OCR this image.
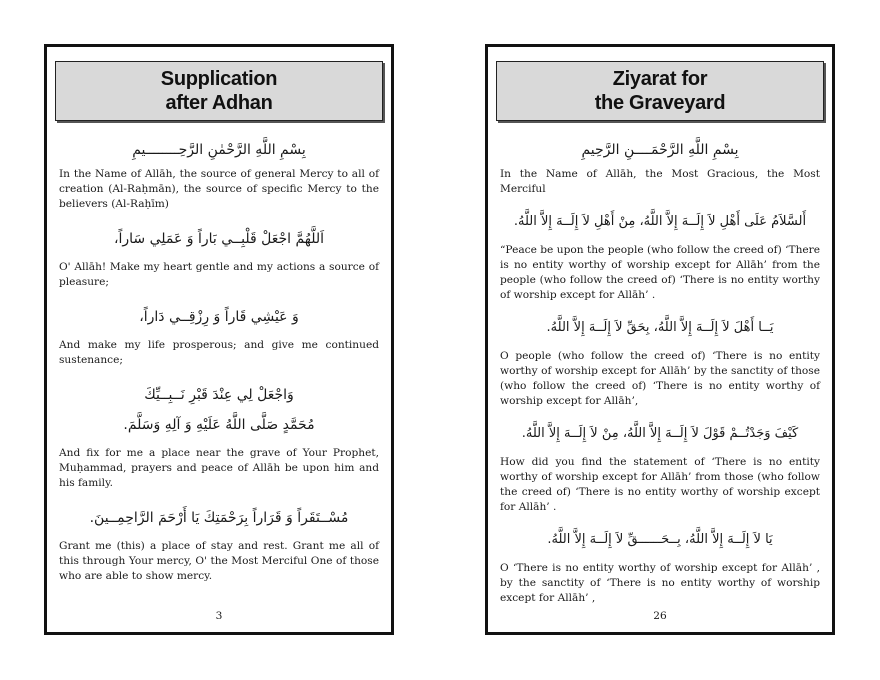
Supplication
after Adhan

بِسْمِ اللَّهِ الرَّحْمٰنِ الرَّحِــــــــيمِ

In the Name of Allāh, the source of general Mercy to all of creation (Al-Raḥmān), the source of specific Mercy to the believers (Al-Raḥīm)

اَللَّهُمَّ اجْعَلْ قَلْبِــي بَاراً وَ عَمَلِي سَاراً،

O' Allāh! Make my heart gentle and my actions a source of pleasure;

وَ عَيْشِي قَاراً وَ رِزْقِــي دَاراً،

And make my life prosperous; and give me continued sustenance;

وَاجْعَلْ لِي عِنْدَ قَبْرِ نَــبِــيِّكَ

مُحَمَّدٍ صَلَّى اللَّهُ عَلَيْهِ وَ آلِهِ وَسَلَّمَ.

And fix for me a place near the grave of Your Prophet, Muḥammad, prayers and peace of Allāh be upon him and his family.

مُسْــتَقَراً وَ قَرَاراً بِرَحْمَتِكَ يَا أَرْحَمَ الرَّاحِمِــينَ.

Grant me (this) a place of stay and rest. Grant me all of this through Your mercy, O' the Most Merciful One of those who are able to show mercy.

3
Ziyarat for
the Graveyard

بِسْمِ اللَّهِ الرَّحْمَــــنِ الرَّحِيمِ

In the Name of Allāh, the Most Gracious, the Most Merciful

أَلسَّلاَمُ عَلَى أَهْلِ لاَ إِلَــهَ إِلاَّ اللَّهُ، مِنْ أَهْلِ لاَ إِلَــهَ إِلاَّ اللَّهُ.

“Peace be upon the people (who follow the creed of) ‘There is no entity worthy of worship except for Allāh’ from the people (who follow the creed of) ‘There is no entity worthy of worship except for Allāh’ .

يَــا أَهْلَ لاَ إِلَــهَ إِلاَّ اللَّهُ، بِحَقِّ لاَ إِلَــهَ إِلاَّ اللَّهُ.

O people (who follow the creed of) ‘There is no entity worthy of worship except for Allāh’ by the sanctity of those (who follow the creed of) ‘There is no entity worthy of worship except for Allāh’,

كَيْفَ وَجَدْتُــمْ قَوْلَ لاَ إِلَــهَ إِلاَّ اللَّهُ، مِنْ لاَ إِلَــهَ إِلاَّ اللَّهُ.

How did you find the statement of ‘There is no entity worthy of worship except for Allāh’ from those (who follow the creed of) ‘There is no entity worthy of worship except for Allāh’ .

يَا لاَ إِلَــهَ إِلاَّ اللَّهُ، بِــحَــــــقِّ لاَ إِلَــهَ إِلاَّ اللَّهُ.

O ‘There is no entity worthy of worship except for Allāh’ , by the sanctity of ‘There is no entity worthy of worship except for Allāh’ ,

26
